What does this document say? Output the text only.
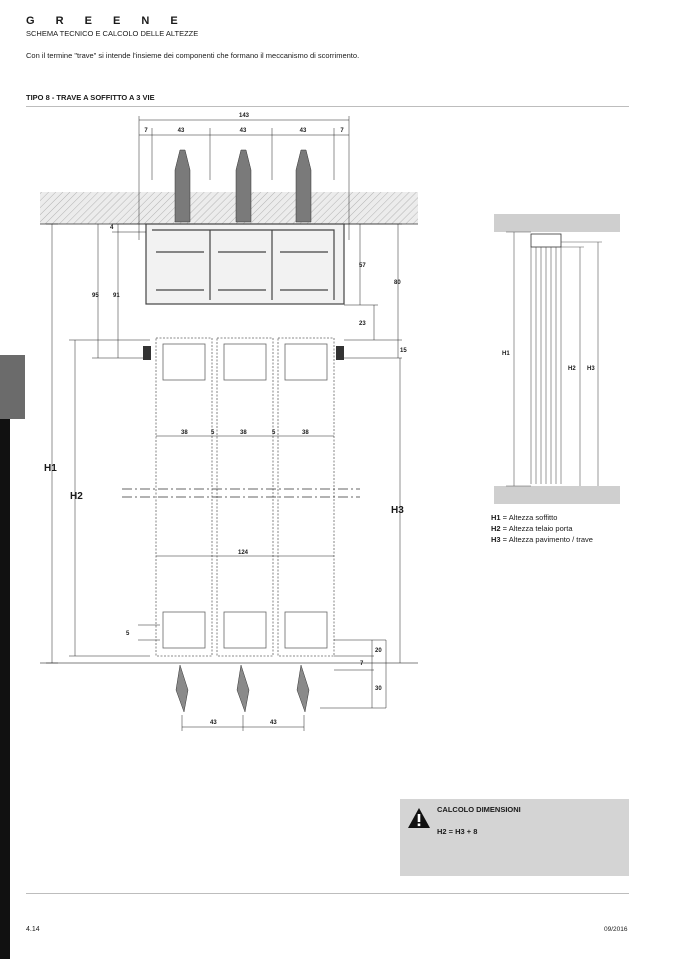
G R E E N E
SCHEMA TECNICO E CALCOLO DELLE ALTEZZE
Con il termine "trave" si intende l'insieme dei componenti che formano il meccanismo di scorrimento.
TIPO 8 - TRAVE A SOFFITTO A 3 VIE
143
7	43	43	43	7
4
95 91
57
80
23
15
38	5	38	5	38
124
43	43
5
20
7
30
H1
H2
H3
H1
H2 H3
H1 = Altezza soffitto
H2 = Altezza telaio porta
H3 = Altezza pavimento / trave
CALCOLO DIMENSIONI
H2 = H3 + 8
4.14	09/2016
